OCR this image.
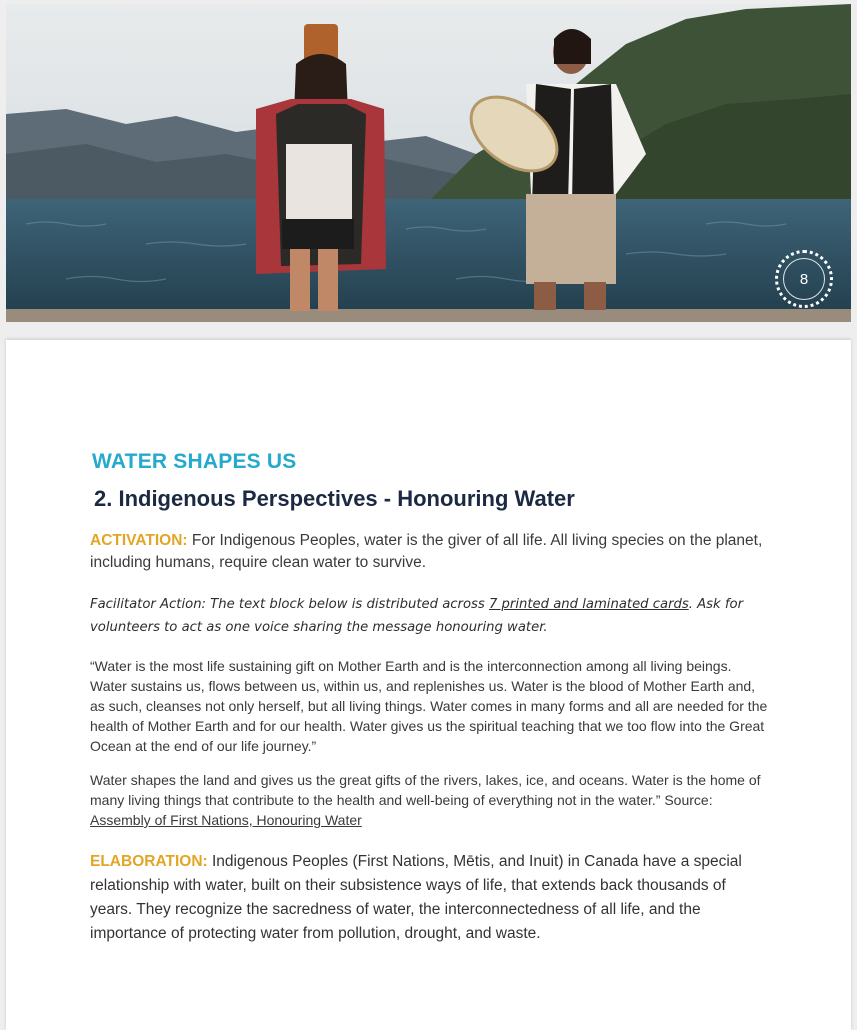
8
WATER SHAPES US
2. Indigenous Perspectives - Honouring Water

ACTIVATION: For Indigenous Peoples, water is the giver of all life. All living species on the planet, including humans, require clean water to survive.

Facilitator Action: The text block below is distributed across 7 printed and laminated cards. Ask for volunteers to act as one voice sharing the message honouring water.

“Water is the most life sustaining gift on Mother Earth and is the interconnection among all living beings. Water sustains us, flows between us, within us, and replenishes us. Water is the blood of Mother Earth and, as such, cleanses not only herself, but all living things. Water comes in many forms and all are needed for the health of Mother Earth and for our health. Water gives us the spiritual teaching that we too flow into the Great Ocean at the end of our life journey.”

Water shapes the land and gives us the great gifts of the rivers, lakes, ice, and oceans. Water is the home of many living things that contribute to the health and well-being of everything not in the water.” Source: Assembly of First Nations, Honouring Water

ELABORATION: Indigenous Peoples (First Nations, Mētis, and Inuit) in Canada have a special relationship with water, built on their subsistence ways of life, that extends back thousands of years. They recognize the sacredness of water, the interconnectedness of all life, and the importance of protecting water from pollution, drought, and waste.
